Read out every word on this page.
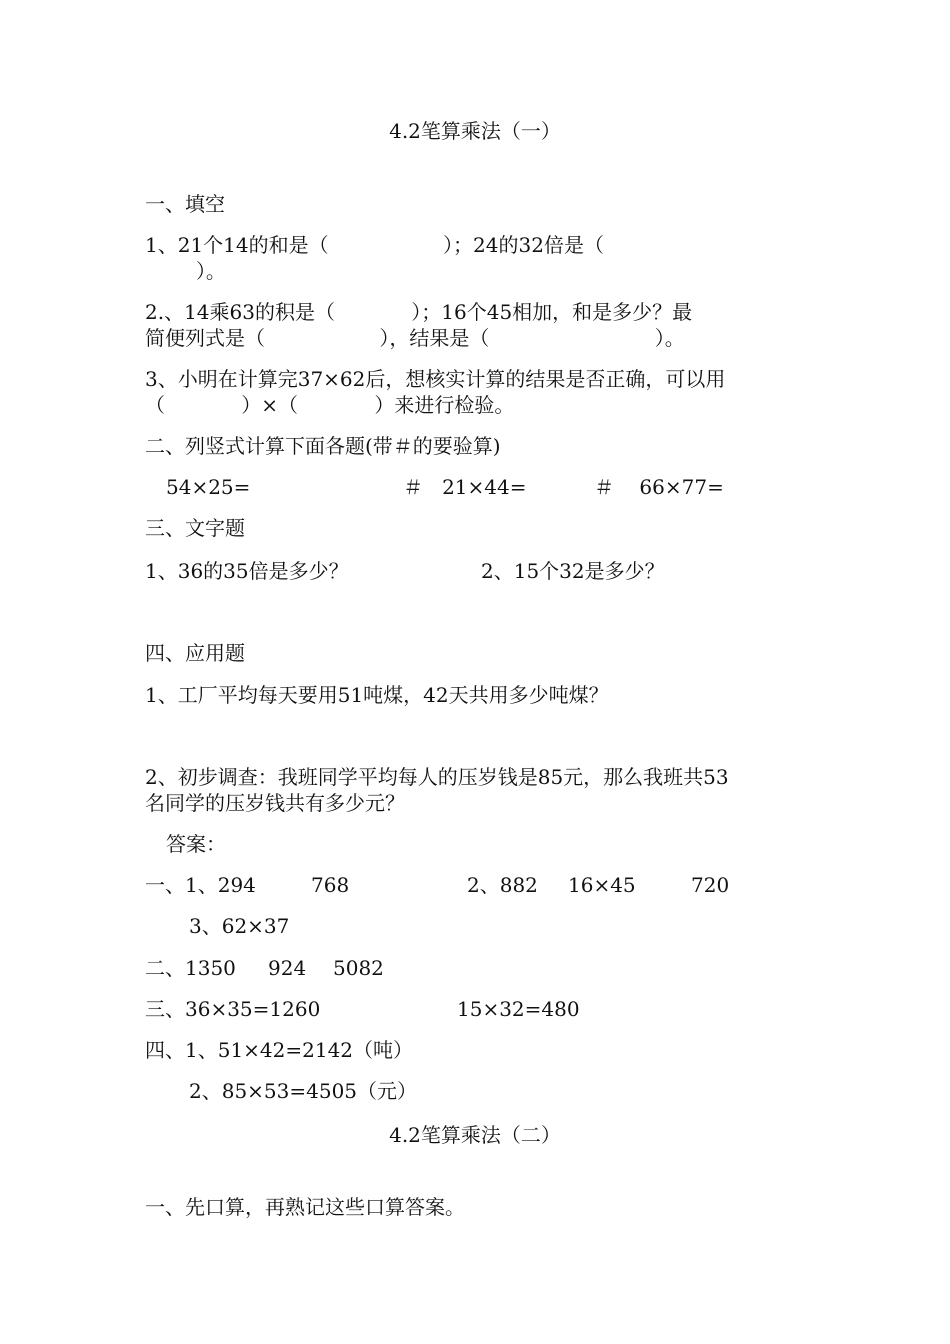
4.2笔算乘法（一）
一、填空
1、21个14的和是（                  ）；24的32倍是（
）。
2.、14乘63的积是（            ）；16个45相加，和是多少？最
简便列式是（                  ），结果是（                          ）。
3、小明在计算完37×62后，想核实计算的结果是否正确，可以用
（            ）×（            ）来进行检验。
二、列竖式计算下面各题(带＃的要验算)
54×25=	＃   21×44=	＃    66×77=
三、文字题
1、36的35倍是多少？	2、15个32是多少？
四、应用题
1、工厂平均每天要用51吨煤，42天共用多少吨煤？
2、初步调查：我班同学平均每人的压岁钱是85元，那么我班共53
名同学的压岁钱共有多少元？
答案：
一、1、294	768	2、882 16×45	720
3、62×37
二、1350 924 5082
三、36×35=1260	15×32=480
四、1、51×42=2142（吨）
2、85×53=4505（元）
4.2笔算乘法（二）
一、先口算，再熟记这些口算答案。
